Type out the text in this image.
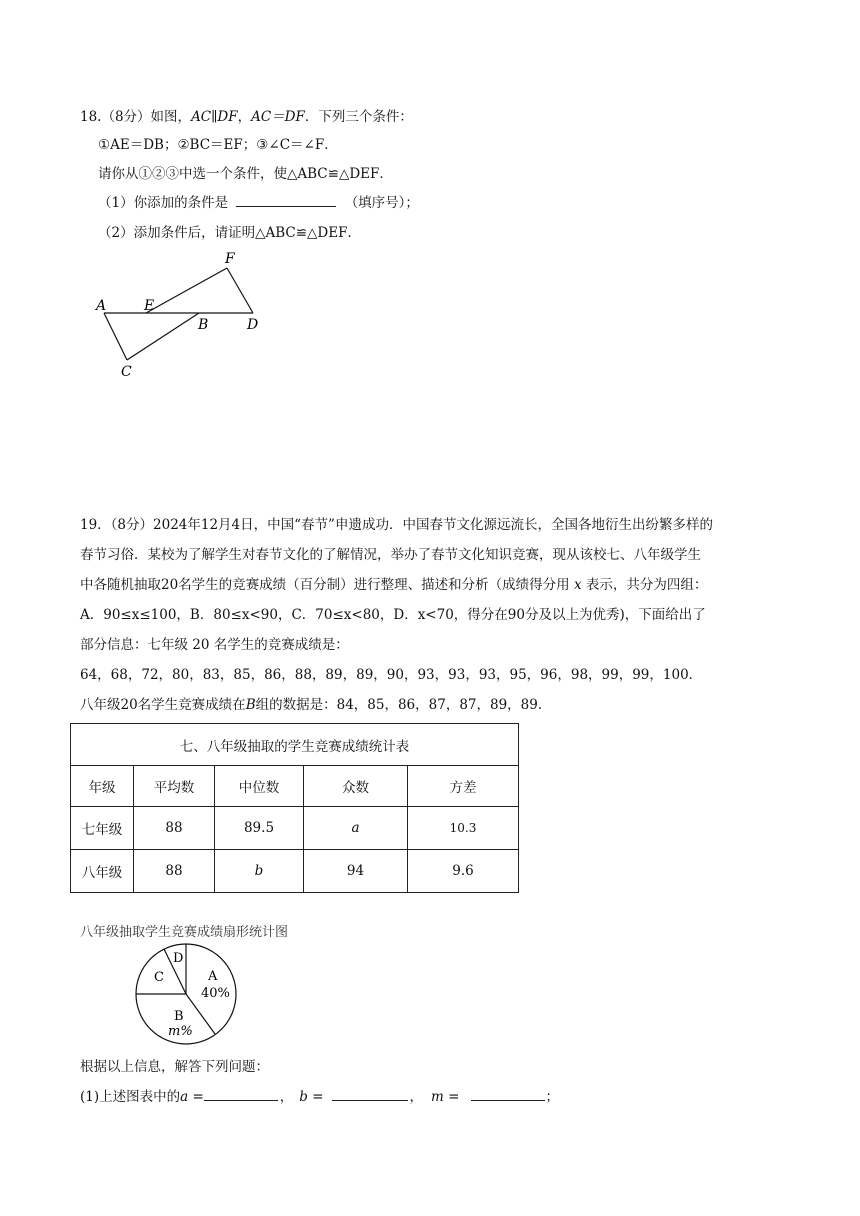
18.（8分）如图，AC∥DF，AC＝DF．下列三个条件：
①AE＝DB；②BC＝EF；③∠C＝∠F．
请你从①②③中选一个条件，使△ABC≌△DEF．
（1）你添加的条件是	（填序号）；
（2）添加条件后，请证明△ABC≌△DEF．
A	E
B	D
F
C
19．（8分）2024年12月4日，中国“春节”申遗成功．中国春节文化源远流长，全国各地衍生出纷繁多样的
春节习俗．某校为了解学生对春节文化的了解情况，举办了春节文化知识竞赛，现从该校七、八年级学生
中各随机抽取20名学生的竞赛成绩（百分制）进行整理、描述和分析（成绩得分用 x 表示，共分为四组：
A．90≤x≤100，B．80≤x<90，C．70≤x<80，D．x<70，得分在90分及以上为优秀)，下面给出了
部分信息：七年级 20 名学生的竞赛成绩是：
64，68，72，80，83，85，86，88，89，89，90，93，93，93，95，96，98，99，99，100．
八年级20名学生竞赛成绩在B组的数据是：84，85，86，87，87，89，89．
七、八年级抽取的学生竞赛成绩统计表				
年级	平均数	中位数	众数	方差
七年级	88	89.5	a	10.3
八年级	88	b	94	9.6
八年级抽取学生竞赛成绩扇形统计图
A
40%
B
m%
C
D
根据以上信息，解答下列问题：
(1)上述图表中的a =	， b =	， m =	；
